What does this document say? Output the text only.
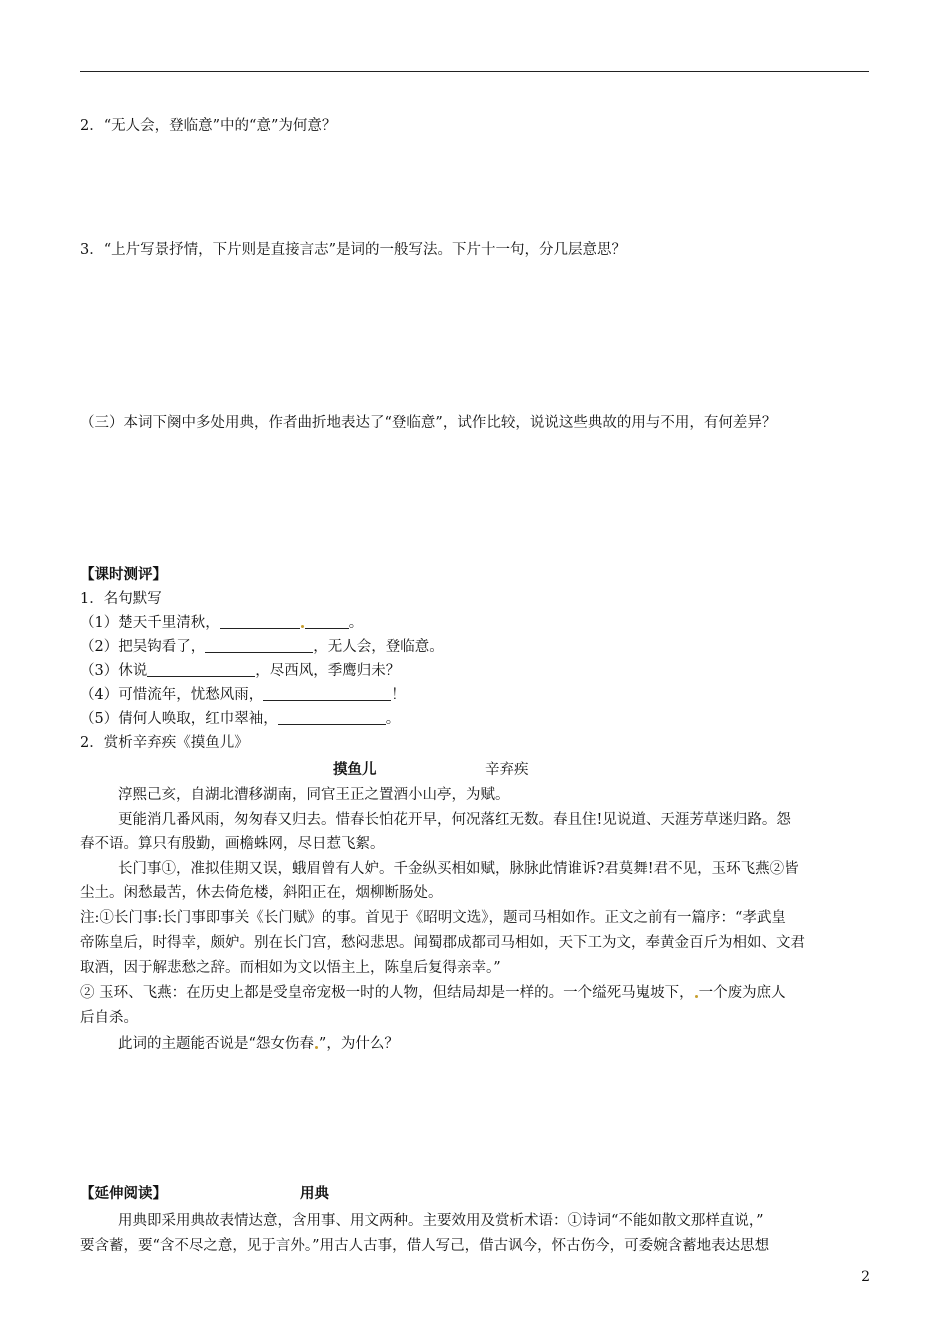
2．“无人会，登临意”中的“意”为何意？
3．“上片写景抒情，下片则是直接言志”是词的一般写法。下片十一句，分几层意思？
（三）本词下阕中多处用典，作者曲折地表达了“登临意”，试作比较，说说这些典故的用与不用，有何差异？
【课时测评】
1．名句默写
（1）楚天千里清秋，	。
（2）把吴钩看了，	，无人会，登临意。
（3）休说	，尽西风，季鹰归未？
（4）可惜流年，忧愁风雨，	！
（5）倩何人唤取，红巾翠袖，	。
2．赏析辛弃疾《摸鱼儿》
摸鱼儿	辛弃疾
淳熙己亥，自湖北漕移湖南，同官王正之置酒小山亭，为赋。
更能消几番风雨，匆匆春又归去。惜春长怕花开早，何况落红无数。春且住!见说道、天涯芳草迷归路。怨
春不语。算只有殷勤，画檐蛛网，尽日惹飞絮。
长门事①，准拟佳期又误，蛾眉曾有人妒。千金纵买相如赋，脉脉此情谁诉?君莫舞!君不见，玉环飞燕②皆
尘土。闲愁最苦，休去倚危楼，斜阳正在，烟柳断肠处。
注:①长门事:长门事即事关《长门赋》的事。首见于《昭明文选》，题司马相如作。正文之前有一篇序：“孝武皇
帝陈皇后，时得幸，颇妒。别在长门宫，愁闷悲思。闻蜀郡成都司马相如，天下工为文，奉黄金百斤为相如、文君
取酒，因于解悲愁之辞。而相如为文以悟主上，陈皇后复得亲幸。”
② 玉环、飞燕：在历史上都是受皇帝宠极一时的人物，但结局却是一样的。一个缢死马嵬坡下， 一个废为庶人
后自杀。
此词的主题能否说是“怨女伤春 ”，为什么？
【延伸阅读】	用典
用典即采用典故表情达意，含用事、用文两种。主要效用及赏析术语：①诗词“不能如散文那样直说，”
要含蓄，要“含不尽之意，见于言外。”用古人古事，借人写己，借古讽今，怀古伤今，可委婉含蓄地表达思想
2
